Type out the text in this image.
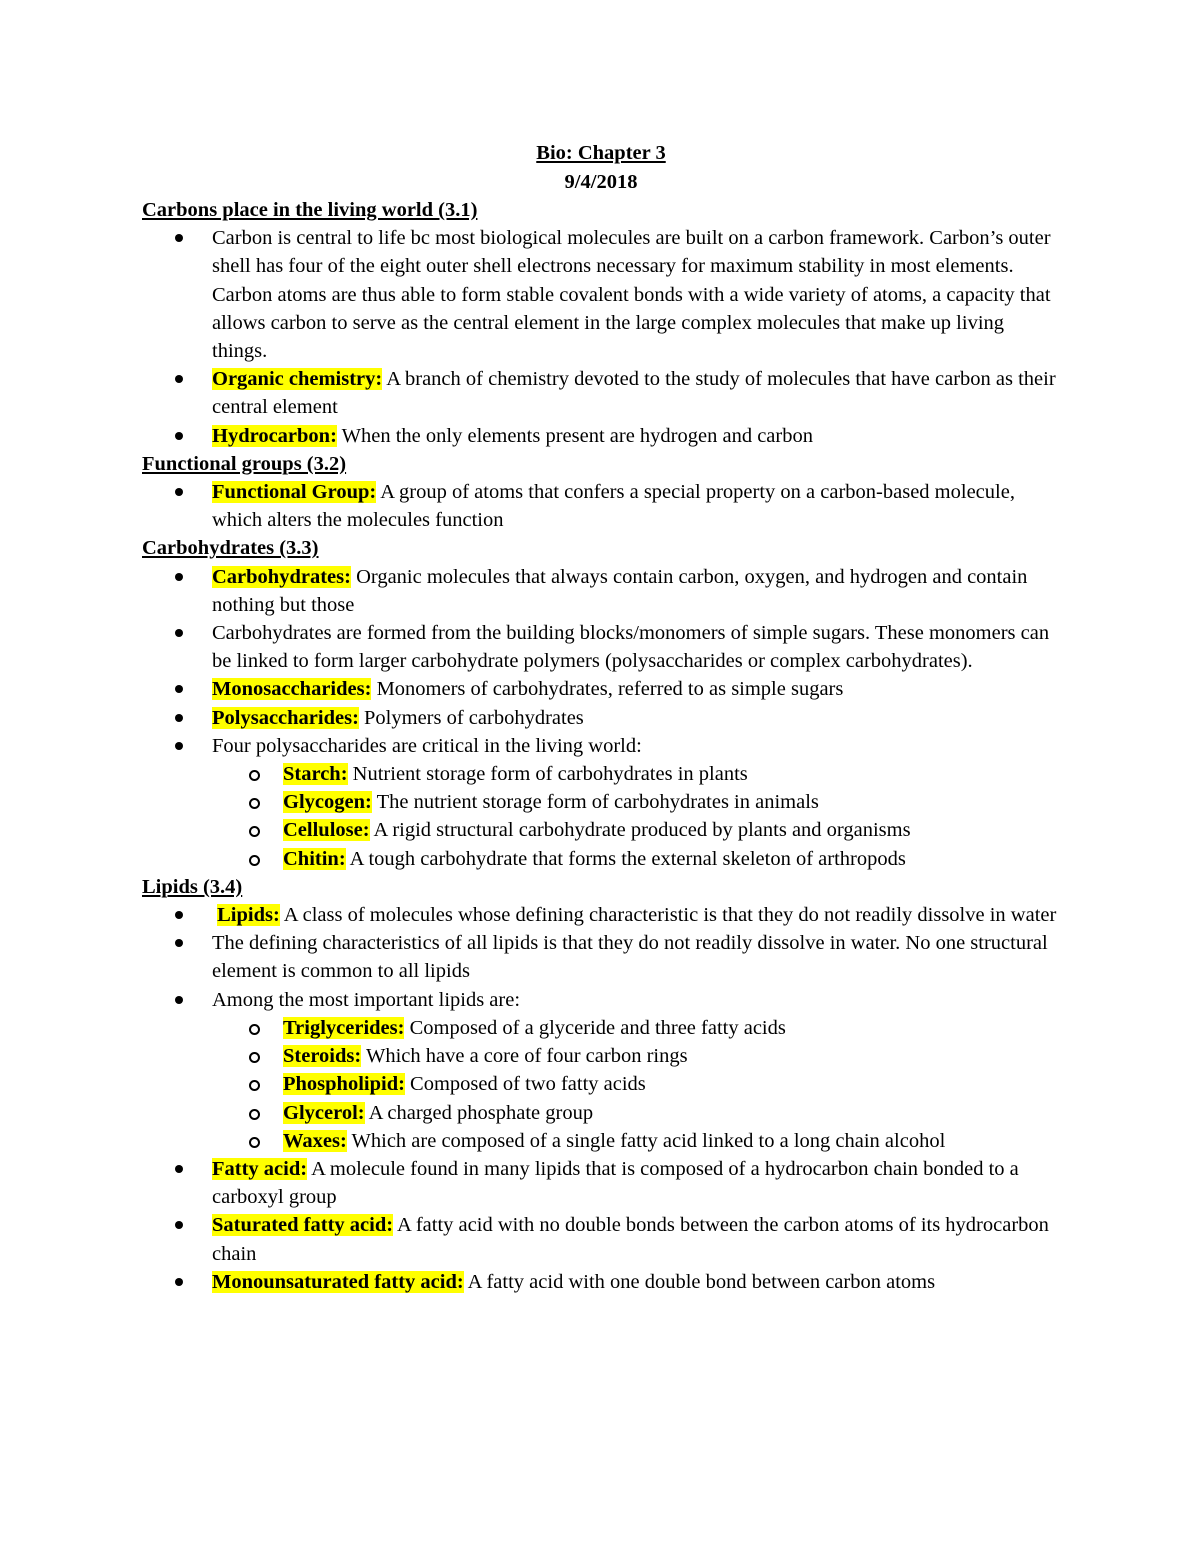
Bio: Chapter 3
9/4/2018
Carbons place in the living world (3.1)
Carbon is central to life bc most biological molecules are built on a carbon framework. Carbon’s outer shell has four of the eight outer shell electrons necessary for maximum stability in most elements. Carbon atoms are thus able to form stable covalent bonds with a wide variety of atoms, a capacity that allows carbon to serve as the central element in the large complex molecules that make up living things.
Organic chemistry: A branch of chemistry devoted to the study of molecules that have carbon as their central element
Hydrocarbon: When the only elements present are hydrogen and carbon
Functional groups (3.2)
Functional Group: A group of atoms that confers a special property on a carbon-based molecule, which alters the molecules function
Carbohydrates (3.3)
Carbohydrates: Organic molecules that always contain carbon, oxygen, and hydrogen and contain nothing but those
Carbohydrates are formed from the building blocks/monomers of simple sugars. These monomers can be linked to form larger carbohydrate polymers (polysaccharides or complex carbohydrates).
Monosaccharides: Monomers of carbohydrates, referred to as simple sugars
Polysaccharides: Polymers of carbohydrates
Four polysaccharides are critical in the living world:
Starch: Nutrient storage form of carbohydrates in plants
Glycogen: The nutrient storage form of carbohydrates in animals
Cellulose: A rigid structural carbohydrate produced by plants and organisms
Chitin: A tough carbohydrate that forms the external skeleton of arthropods
Lipids (3.4)
Lipids: A class of molecules whose defining characteristic is that they do not readily dissolve in water
The defining characteristics of all lipids is that they do not readily dissolve in water. No one structural element is common to all lipids
Among the most important lipids are:
Triglycerides: Composed of a glyceride and three fatty acids
Steroids: Which have a core of four carbon rings
Phospholipid: Composed of two fatty acids
Glycerol: A charged phosphate group
Waxes: Which are composed of a single fatty acid linked to a long chain alcohol
Fatty acid: A molecule found in many lipids that is composed of a hydrocarbon chain bonded to a carboxyl group
Saturated fatty acid: A fatty acid with no double bonds between the carbon atoms of its hydrocarbon chain
Monounsaturated fatty acid: A fatty acid with one double bond between carbon atoms
